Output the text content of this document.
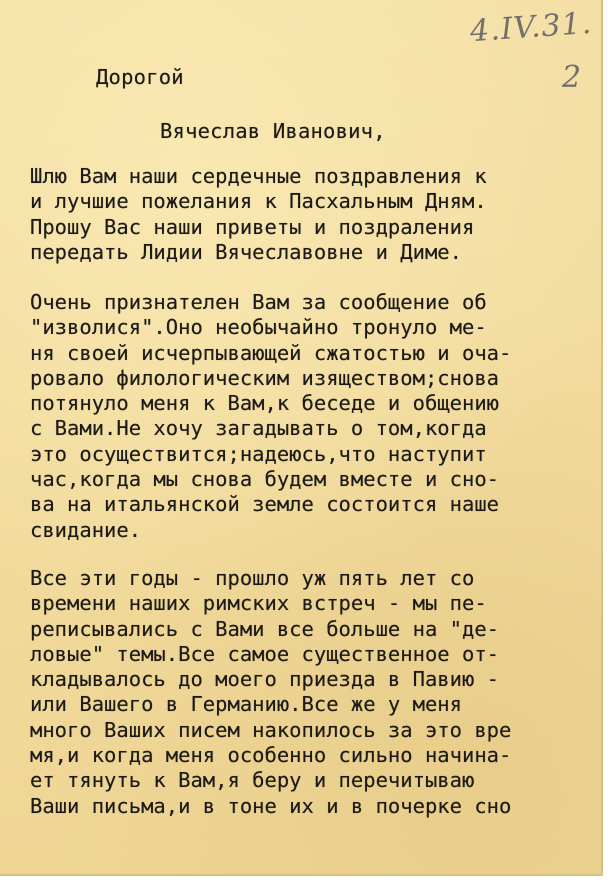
4.IV.31.
2
Дорогой
Вячеслав Иванович,
Шлю Вам наши сердечные поздравления к
и лучшие пожелания к Пасхальным Дням.
Прошу Вас наши приветы и поздраления
передать Лидии Вячеславовне и Диме.
Очень признателен Вам за сообщение об
"изволися".Оно необычайно тронуло ме-
ня своей исчерпывающей сжатостью и оча-
ровало филологическим изяществом;снова
потянуло меня к Вам,к беседе и общению
с Вами.Не хочу загадывать о том,когда
это осуществится;надеюсь,что наступит
час,когда мы снова будем вместе и сно-
ва на итальянской земле состоится наше
свидание.
Все эти годы - прошло уж пять лет со
времени наших римских встреч - мы пе-
реписывались с Вами все больше на "де-
ловые" темы.Все самое существенное от-
кладывалось до моего приезда в Павию -
или Вашего в Германию.Все же у меня
много Ваших писем накопилось за это вре
мя,и когда меня особенно сильно начина-
ет тянуть к Вам,я беру и перечитываю
Ваши письма,и в тоне их и в почерке сно
